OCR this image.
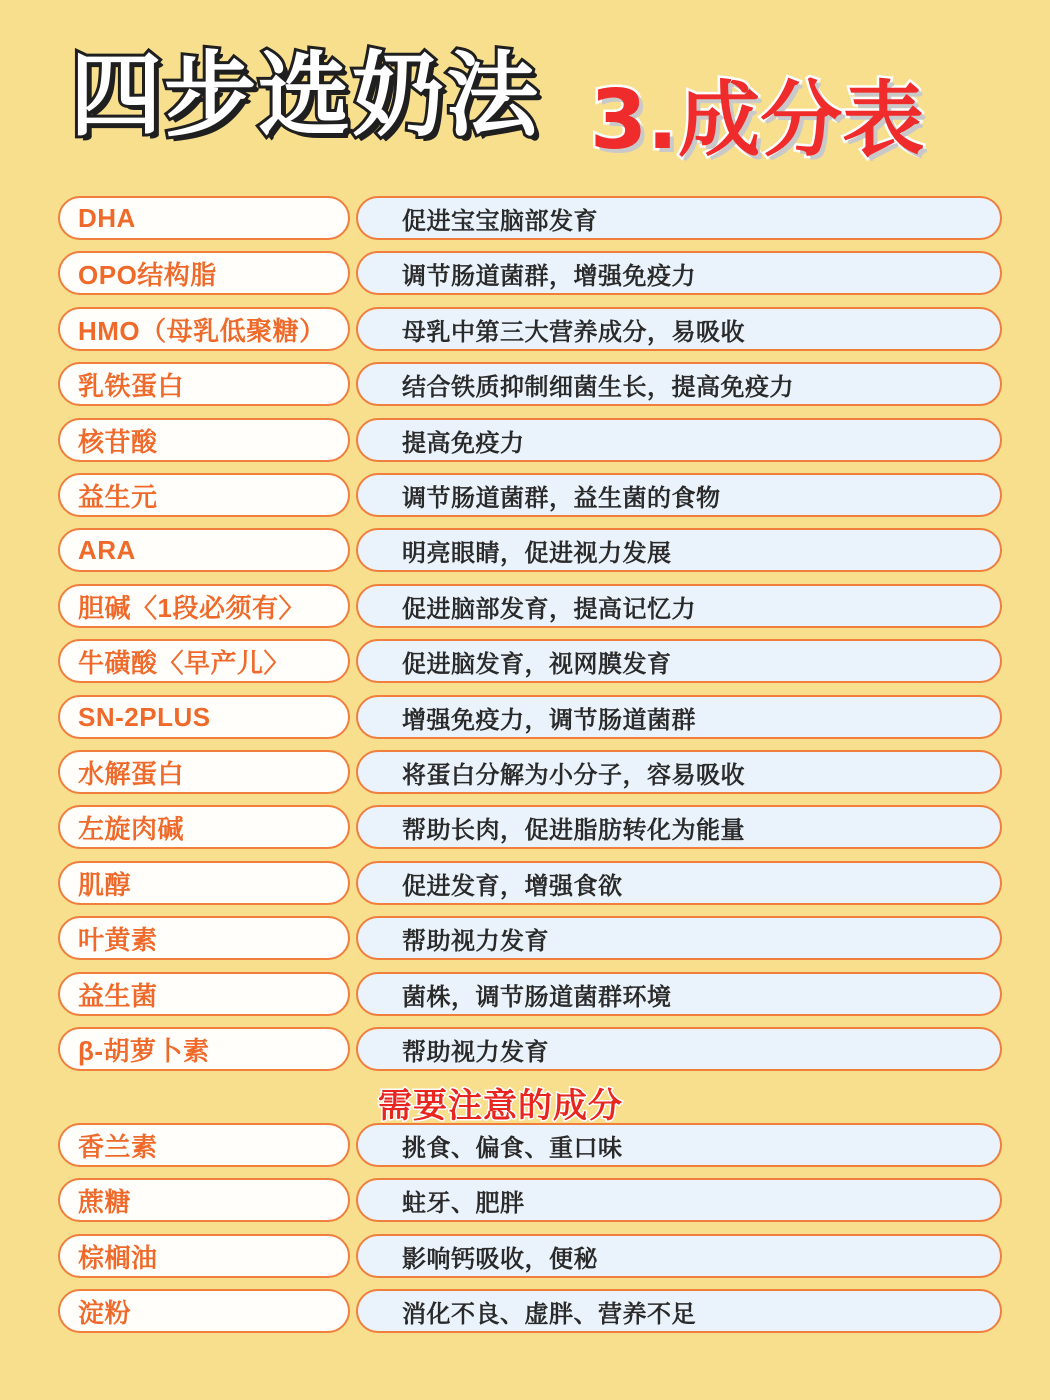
四步选奶法 3.成分表
DHA	促进宝宝脑部发育
OPO结构脂	调节肠道菌群，增强免疫力
HMO（母乳低聚糖）	母乳中第三大营养成分，易吸收
乳铁蛋白	结合铁质抑制细菌生长，提高免疫力
核苷酸	提高免疫力
益生元	调节肠道菌群，益生菌的食物
ARA	明亮眼睛，促进视力发展
胆碱〈1段必须有〉	促进脑部发育，提高记忆力
牛磺酸〈早产儿〉	促进脑发育，视网膜发育
SN-2PLUS	增强免疫力，调节肠道菌群
水解蛋白	将蛋白分解为小分子，容易吸收
左旋肉碱	帮助长肉，促进脂肪转化为能量
肌醇	促进发育，增强食欲
叶黄素	帮助视力发育
益生菌	菌株，调节肠道菌群环境
β-胡萝卜素	帮助视力发育
香兰素	挑食、偏食、重口味
蔗糖	蛀牙、肥胖
棕榈油	影响钙吸收，便秘
淀粉	消化不良、虚胖、营养不足
需要注意的成分
